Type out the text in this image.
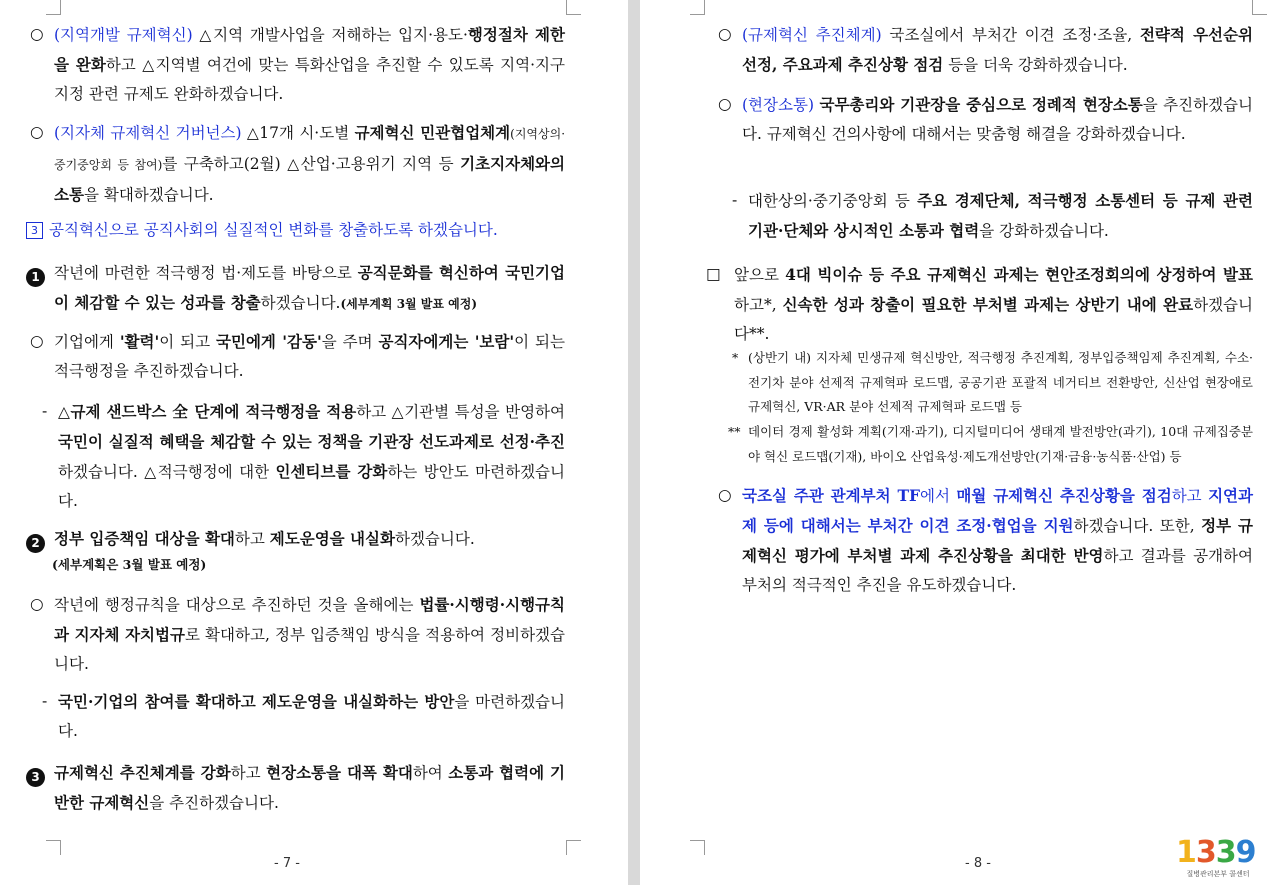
○ (지역개발 규제혁신) △지역 개발사업을 저해하는 입지·용도·행정절차 제한을 완화하고 △지역별 여건에 맞는 특화산업을 추진할 수 있도록 지역·지구 지정 관련 규제도 완화하겠습니다.
○ (지자체 규제혁신 거버넌스) △17개 시·도별 규제혁신 민관협업체계(지역상의·중기중앙회 등 참여)를 구축하고(2월) △산업·고용위기 지역 등 기초지자체와의 소통을 확대하겠습니다.
3 공직혁신으로 공직사회의 실질적인 변화를 창출하도록 하겠습니다.
1 작년에 마련한 적극행정 법·제도를 바탕으로 공직문화를 혁신하여 국민기업이 체감할 수 있는 성과를 창출하겠습니다.(세부계획 3월 발표 예정)
○ 기업에게 '활력'이 되고 국민에게 '감동'을 주며 공직자에게는 '보람'이 되는 적극행정을 추진하겠습니다.
- △규제 샌드박스 全 단계에 적극행정을 적용하고 △기관별 특성을 반영하여 국민이 실질적 혜택을 체감할 수 있는 정책을 기관장 선도과제로 선정·추진하겠습니다. △적극행정에 대한 인센티브를 강화하는 방안도 마련하겠습니다.
2 정부 입증책임 대상을 확대하고 제도운영을 내실화하겠습니다.
(세부계획은 3월 발표 예정)
○ 작년에 행정규칙을 대상으로 추진하던 것을 올해에는 법률·시행령·시행규칙과 지자체 자치법규로 확대하고, 정부 입증책임 방식을 적용하여 정비하겠습니다.
- 국민·기업의 참여를 확대하고 제도운영을 내실화하는 방안을 마련하겠습니다.
3 규제혁신 추진체계를 강화하고 현장소통을 대폭 확대하여 소통과 협력에 기반한 규제혁신을 추진하겠습니다.
- 7 -
○ (규제혁신 추진체계) 국조실에서 부처간 이견 조정·조율, 전략적 우선순위 선정, 주요과제 추진상황 점검 등을 더욱 강화하겠습니다.
○ (현장소통) 국무총리와 기관장을 중심으로 정례적 현장소통을 추진하겠습니다. 규제혁신 건의사항에 대해서는 맞춤형 해결을 강화하겠습니다.
- 대한상의·중기중앙회 등 주요 경제단체, 적극행정 소통센터 등 규제 관련 기관·단체와 상시적인 소통과 협력을 강화하겠습니다.
□ 앞으로 4대 빅이슈 등 주요 규제혁신 과제는 현안조정회의에 상정하여 발표하고*, 신속한 성과 창출이 필요한 부처별 과제는 상반기 내에 완료하겠습니다**.
* (상반기 내) 지자체 민생규제 혁신방안, 적극행정 추진계획, 정부입증책임제 추진계획, 수소·전기차 분야 선제적 규제혁파 로드맵, 공공기관 포괄적 네거티브 전환방안, 신산업 현장애로 규제혁신, VR·AR 분야 선제적 규제혁파 로드맵 등
** 데이터 경제 활성화 계획(기재·과기), 디지털미디어 생태계 발전방안(과기), 10대 규제집중분야 혁신 로드맵(기재), 바이오 산업육성·제도개선방안(기재·금융·농식품·산업) 등
○ 국조실 주관 관계부처 TF에서 매월 규제혁신 추진상황을 점검하고 지연과제 등에 대해서는 부처간 이견 조정·협업을 지원하겠습니다. 또한, 정부 규제혁신 평가에 부처별 과제 추진상황을 최대한 반영하고 결과를 공개하여 부처의 적극적인 추진을 유도하겠습니다.
- 8 -	1339
질병관리본부 콜센터
